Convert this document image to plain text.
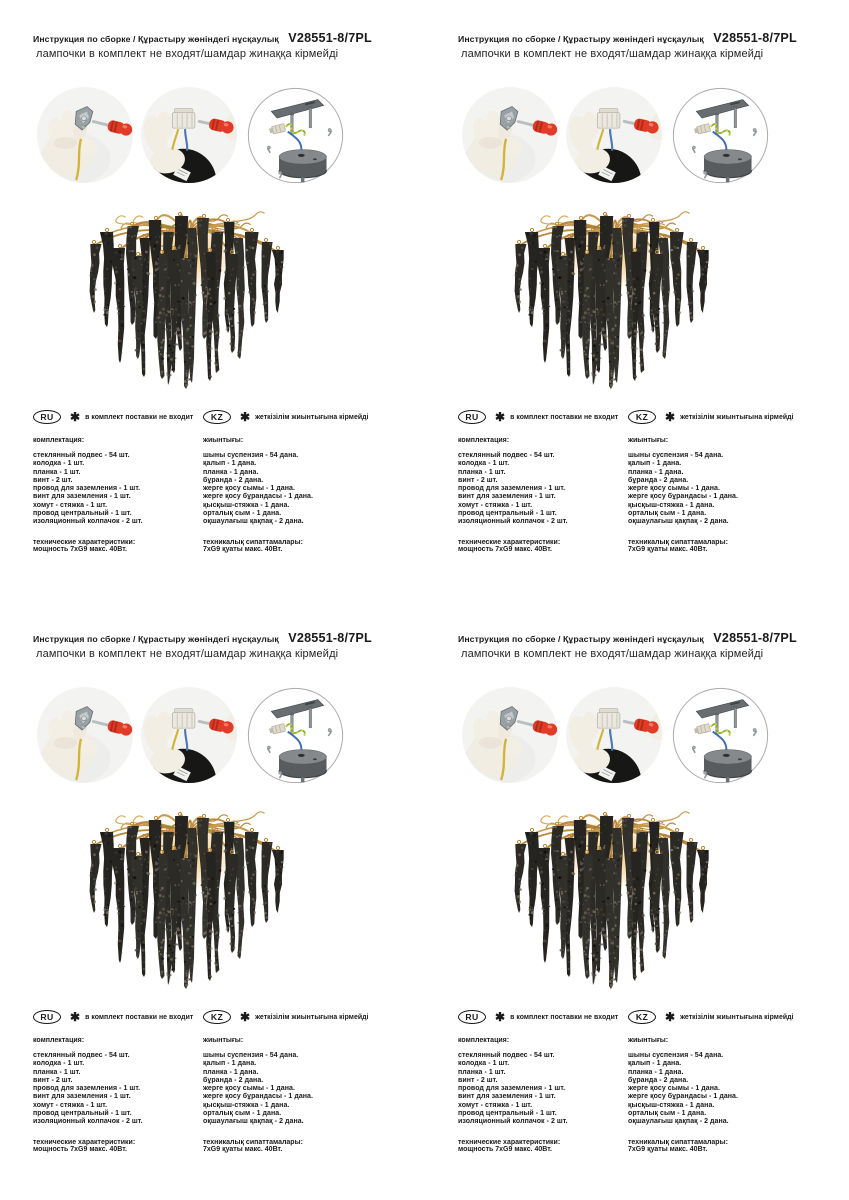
Инструкция по сборке / Құрастыру жөніндегі нұсқаулық V28551-8/7PL
лампочки в комплект не входят/шамдар жинаққа кірмейді
RU	✱ в комплект поставки не входит
комплектация:
стеклянный подвес - 54 шт.
колодка - 1 шт.
планка - 1 шт.
винт - 2 шт.
провод для заземления - 1 шт.
винт для заземления - 1 шт.
хомут - стяжка - 1 шт.
провод центральный - 1 шт.
изоляционный колпачок - 2 шт.
технические характеристики:
мощность 7xG9 макс. 40Вт.
KZ	✱ жеткізілім жиынтығына кірмейді
жиынтығы:
шыны суспензия - 54 дана.
қалып - 1 дана.
планка - 1 дана.
бұранда - 2 дана.
жерге қосу сымы - 1 дана.
жерге қосу бұрандасы - 1 дана.
қысқыш-стяжка - 1 дана.
орталық сым - 1 дана.
оқшаулағыш қақпақ - 2 дана.
техникалық сипаттамалары:
7xG9 қуаты макс. 40Вт.
Инструкция по сборке / Құрастыру жөніндегі нұсқаулық V28551-8/7PL
лампочки в комплект не входят/шамдар жинаққа кірмейді
RU	✱ в комплект поставки не входит
комплектация:
стеклянный подвес - 54 шт.
колодка - 1 шт.
планка - 1 шт.
винт - 2 шт.
провод для заземления - 1 шт.
винт для заземления - 1 шт.
хомут - стяжка - 1 шт.
провод центральный - 1 шт.
изоляционный колпачок - 2 шт.
технические характеристики:
мощность 7xG9 макс. 40Вт.
KZ	✱ жеткізілім жиынтығына кірмейді
жиынтығы:
шыны суспензия - 54 дана.
қалып - 1 дана.
планка - 1 дана.
бұранда - 2 дана.
жерге қосу сымы - 1 дана.
жерге қосу бұрандасы - 1 дана.
қысқыш-стяжка - 1 дана.
орталық сым - 1 дана.
оқшаулағыш қақпақ - 2 дана.
техникалық сипаттамалары:
7xG9 қуаты макс. 40Вт.
Инструкция по сборке / Құрастыру жөніндегі нұсқаулық V28551-8/7PL
лампочки в комплект не входят/шамдар жинаққа кірмейді
RU	✱ в комплект поставки не входит
комплектация:
стеклянный подвес - 54 шт.
колодка - 1 шт.
планка - 1 шт.
винт - 2 шт.
провод для заземления - 1 шт.
винт для заземления - 1 шт.
хомут - стяжка - 1 шт.
провод центральный - 1 шт.
изоляционный колпачок - 2 шт.
технические характеристики:
мощность 7xG9 макс. 40Вт.
KZ	✱ жеткізілім жиынтығына кірмейді
жиынтығы:
шыны суспензия - 54 дана.
қалып - 1 дана.
планка - 1 дана.
бұранда - 2 дана.
жерге қосу сымы - 1 дана.
жерге қосу бұрандасы - 1 дана.
қысқыш-стяжка - 1 дана.
орталық сым - 1 дана.
оқшаулағыш қақпақ - 2 дана.
техникалық сипаттамалары:
7xG9 қуаты макс. 40Вт.
Инструкция по сборке / Құрастыру жөніндегі нұсқаулық V28551-8/7PL
лампочки в комплект не входят/шамдар жинаққа кірмейді
RU	✱ в комплект поставки не входит
комплектация:
стеклянный подвес - 54 шт.
колодка - 1 шт.
планка - 1 шт.
винт - 2 шт.
провод для заземления - 1 шт.
винт для заземления - 1 шт.
хомут - стяжка - 1 шт.
провод центральный - 1 шт.
изоляционный колпачок - 2 шт.
технические характеристики:
мощность 7xG9 макс. 40Вт.
KZ	✱ жеткізілім жиынтығына кірмейді
жиынтығы:
шыны суспензия - 54 дана.
қалып - 1 дана.
планка - 1 дана.
бұранда - 2 дана.
жерге қосу сымы - 1 дана.
жерге қосу бұрандасы - 1 дана.
қысқыш-стяжка - 1 дана.
орталық сым - 1 дана.
оқшаулағыш қақпақ - 2 дана.
техникалық сипаттамалары:
7xG9 қуаты макс. 40Вт.
